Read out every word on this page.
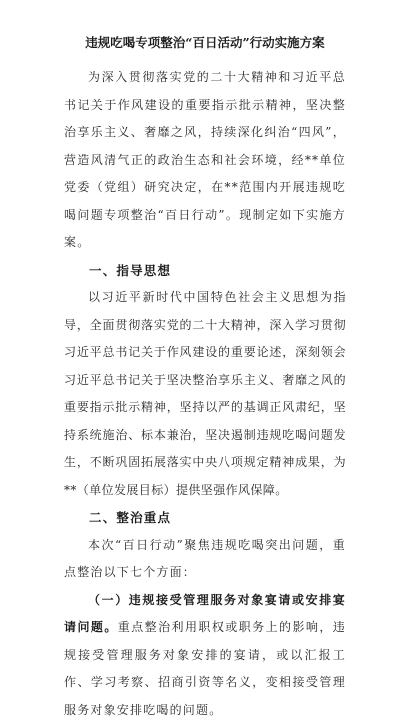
违规吃喝专项整治“百日活动”行动实施方案

为深入贯彻落实党的二十大精神和习近平总书记关于作风建设的重要指示批示精神，坚决整治享乐主义、奢靡之风，持续深化纠治“四风”，营造风清气正的政治生态和社会环境，经**单位党委（党组）研究决定，在**范围内开展违规吃喝问题专项整治“百日行动”。现制定如下实施方案。

一、指导思想

以习近平新时代中国特色社会主义思想为指导，全面贯彻落实党的二十大精神，深入学习贯彻习近平总书记关于作风建设的重要论述，深刻领会习近平总书记关于坚决整治享乐主义、奢靡之风的重要指示批示精神，坚持以严的基调正风肃纪，坚持系统施治、标本兼治，坚决遏制违规吃喝问题发生，不断巩固拓展落实中央八项规定精神成果，为**（单位发展目标）提供坚强作风保障。

二、整治重点

本次“百日行动”聚焦违规吃喝突出问题，重点整治以下七个方面：

（一）违规接受管理服务对象宴请或安排宴请问题。重点整治利用职权或职务上的影响，违规接受管理服务对象安排的宴请，或以汇报工作、学习考察、招商引资等名义，变相接受管理服务对象安排吃喝的问题。
